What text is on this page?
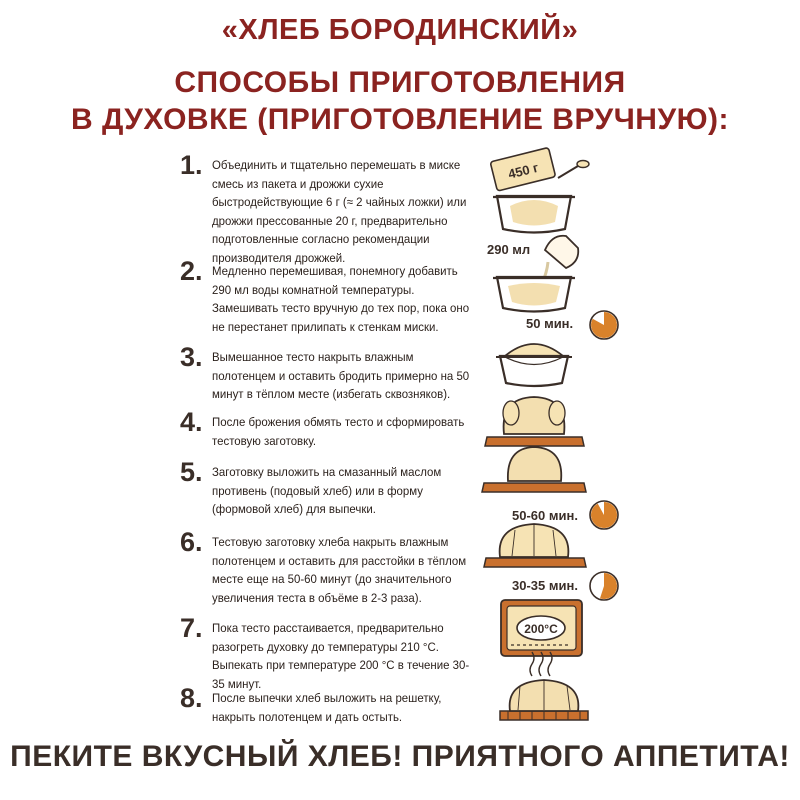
«ХЛЕБ БОРОДИНСКИЙ»
СПОСОБЫ ПРИГОТОВЛЕНИЯ
В ДУХОВКЕ (ПРИГОТОВЛЕНИЕ ВРУЧНУЮ):
1. Объединить и тщательно перемешать в миске смесь из пакета и дрожжи сухие быстродействующие 6 г (≈ 2 чайных ложки) или дрожжи прессованные 20 г, предварительно подготовленные согласно рекомендации производителя дрожжей.
2. Медленно перемешивая, понемногу добавить 290 мл воды комнатной температуры. Замешивать тесто вручную до тех пор, пока оно не перестанет прилипать к стенкам миски.
3. Вымешанное тесто накрыть влажным полотенцем и оставить бродить примерно на 50 минут в тёплом месте (избегать сквозняков).
4. После брожения обмять тесто и сформировать тестовую заготовку.
5. Заготовку выложить на смазанный маслом противень (подовый хлеб) или в форму (формовой хлеб) для выпечки.
6. Тестовую заготовку хлеба накрыть влажным полотенцем и оставить для расстойки в тёплом месте еще на 50-60 минут (до значительного увеличения теста в объёме в 2-3 раза).
7. Пока тесто расстаивается, предварительно разогреть духовку до температуры 210 °С. Выпекать при температуре 200 °С в течение 30-35 минут.
8. После выпечки хлеб выложить на решетку, накрыть полотенцем и дать остыть.
450 г
290 мл
50 мин.
50-60 мин.
30-35 мин.
200°С

ПЕКИТЕ ВКУСНЫЙ ХЛЕБ! ПРИЯТНОГО АППЕТИТА!
